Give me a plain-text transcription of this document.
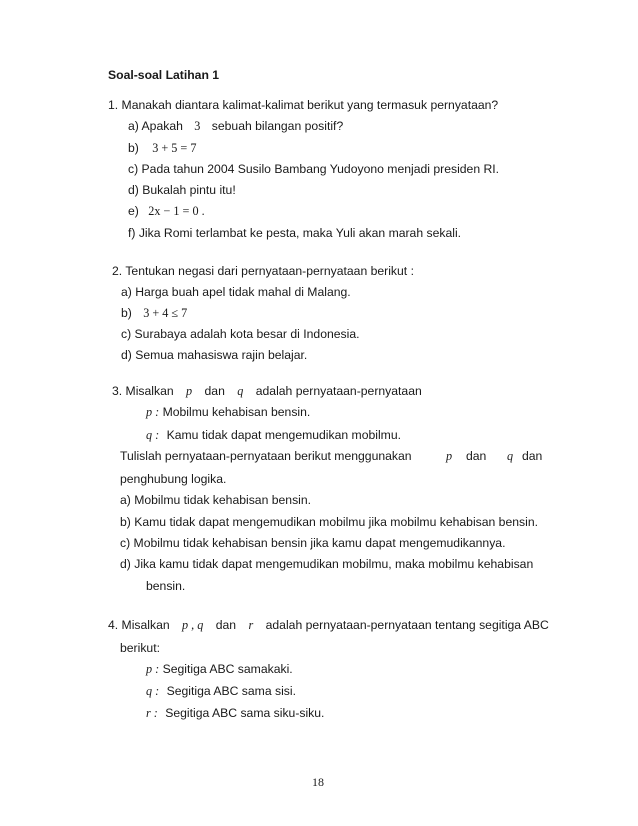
Soal-soal Latihan 1
1. Manakah diantara kalimat-kalimat berikut yang termasuk pernyataan?
a) Apakah 3 sebuah bilangan positif?
b) 3 + 5 = 7
c) Pada tahun 2004 Susilo Bambang Yudoyono menjadi presiden RI.
d) Bukalah pintu itu!
e) 2x − 1 = 0 .
f) Jika Romi terlambat ke pesta, maka Yuli akan marah sekali.
2. Tentukan negasi dari pernyataan-pernyataan berikut :
a) Harga buah apel tidak mahal di Malang.
b) 3 + 4 ≤ 7
c) Surabaya adalah kota besar di Indonesia.
d) Semua mahasiswa rajin belajar.
3. Misalkan p dan q adalah pernyataan-pernyataan
p : Mobilmu kehabisan bensin.
q : Kamu tidak dapat mengemudikan mobilmu.
Tulislah pernyataan-pernyataan berikut menggunakan	p dan q dan
penghubung logika.
a) Mobilmu tidak kehabisan bensin.
b) Kamu tidak dapat mengemudikan mobilmu jika mobilmu kehabisan bensin.
c) Mobilmu tidak kehabisan bensin jika kamu dapat mengemudikannya.
d) Jika kamu tidak dapat mengemudikan mobilmu, maka mobilmu kehabisan
bensin.
4. Misalkan p , q dan r adalah pernyataan-pernyataan tentang segitiga ABC
berikut:
p : Segitiga ABC samakaki.
q : Segitiga ABC sama sisi.
r : Segitiga ABC sama siku-siku.
18
